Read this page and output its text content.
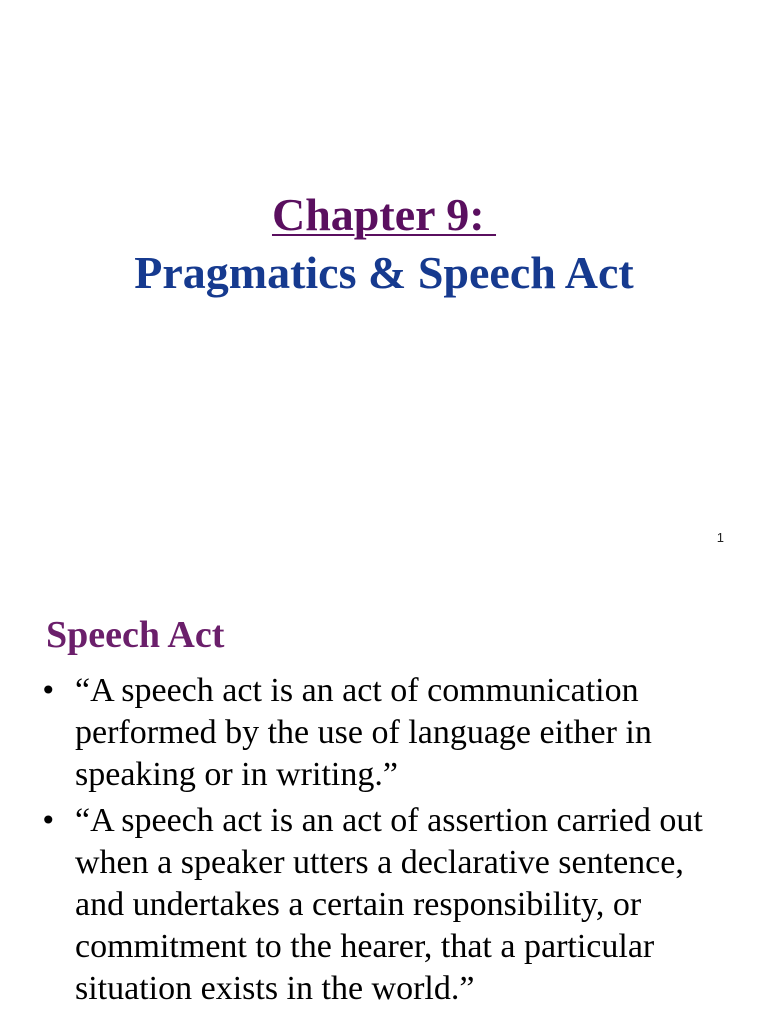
Chapter 9:
Pragmatics & Speech Act
1
Speech Act
• “A speech act is an act of communication performed by the use of language either in speaking or in writing.”
• “A speech act is an act of assertion carried out when a speaker utters a declarative sentence, and undertakes a certain responsibility, or commitment to the hearer, that a particular situation exists in the world.”
